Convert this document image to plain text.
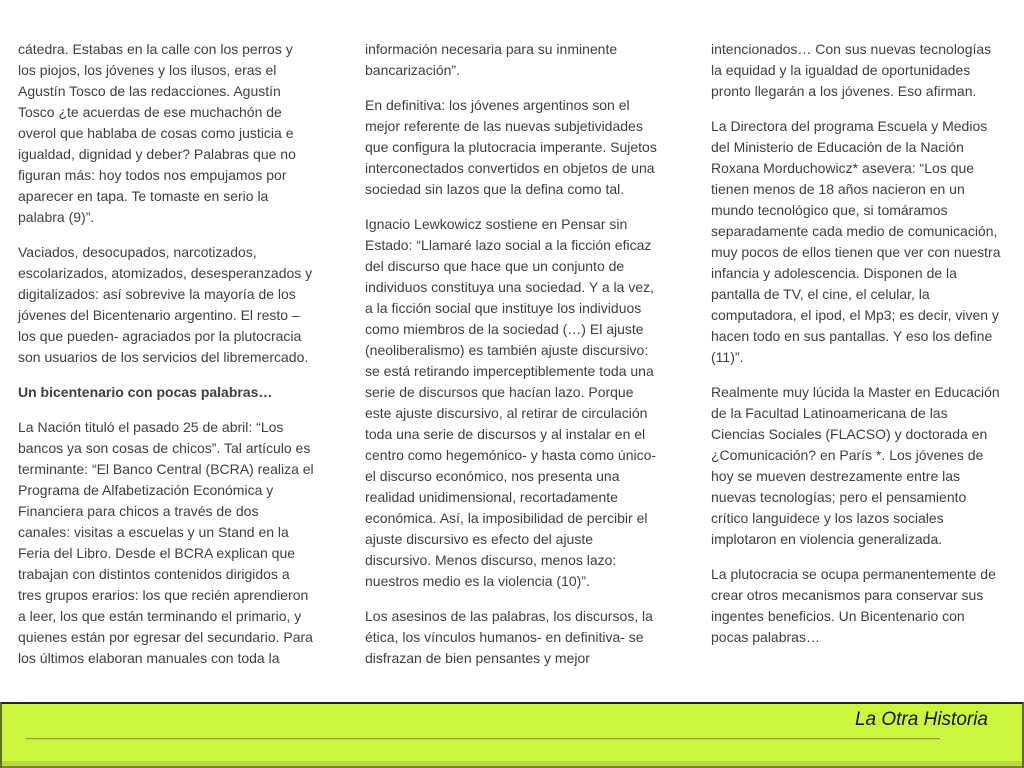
cátedra. Estabas en la calle con los perros y los piojos, los jóvenes y los ilusos, eras el Agustín Tosco de las redacciones. Agustín Tosco ¿te acuerdas de ese muchachón de overol que hablaba de cosas como justicia e igualdad, dignidad y deber? Palabras que no figuran más: hoy todos nos empujamos por aparecer en tapa. Te tomaste en serio la palabra (9)”.

Vaciados, desocupados, narcotizados, escolarizados, atomizados, desesperanzados y digitalizados: así sobrevive la mayoría de los jóvenes del Bicentenario argentino. El resto –los que pueden- agraciados por la plutocracia son usuarios de los servicios del libremercado.

Un bicentenario con pocas palabras…

La Nación tituló el pasado 25 de abril: “Los bancos ya son cosas de chicos”. Tal artículo es terminante: “El Banco Central (BCRA) realiza el Programa de Alfabetización Económica y Financiera para chicos a través de dos canales: visitas a escuelas y un Stand en la Feria del Libro. Desde el BCRA explican que trabajan con distintos contenidos dirigidos a tres grupos erarios: los que recién aprendieron a leer, los que están terminando el primario, y quienes están por egresar del secundario. Para los últimos elaboran manuales con toda la

información necesaria para su inminente bancarización”.

En definitiva: los jóvenes argentinos son el mejor referente de las nuevas subjetividades que configura la plutocracia imperante. Sujetos interconectados convertidos en objetos de una sociedad sin lazos que la defina como tal.

Ignacio Lewkowicz sostiene en Pensar sin Estado: “Llamaré lazo social a la ficción eficaz del discurso que hace que un conjunto de individuos constituya una sociedad. Y a la vez, a la ficción social que instituye los individuos como miembros de la sociedad (…) El ajuste (neoliberalismo) es también ajuste discursivo: se está retirando imperceptiblemente toda una serie de discursos que hacían lazo. Porque este ajuste discursivo, al retirar de circulación toda una serie de discursos y al instalar en el centro como hegemónico- y hasta como único- el discurso económico, nos presenta una realidad unidimensional, recortadamente económica. Así, la imposibilidad de percibir el ajuste discursivo es efecto del ajuste discursivo. Menos discurso, menos lazo: nuestros medio es la violencia (10)”.

Los asesinos de las palabras, los discursos, la ética, los vínculos humanos- en definitiva- se disfrazan de bien pensantes y mejor

intencionados… Con sus nuevas tecnologías la equidad y la igualdad de oportunidades pronto llegarán a los jóvenes. Eso afirman.

La Directora del programa Escuela y Medios del Ministerio de Educación de la Nación Roxana Morduchowicz* asevera: “Los que tienen menos de 18 años nacieron en un mundo tecnológico que, si tomáramos separadamente cada medio de comunicación, muy pocos de ellos tienen que ver con nuestra infancia y adolescencia. Disponen de la pantalla de TV, el cine, el celular, la computadora, el ipod, el Mp3; es decir, viven y hacen todo en sus pantallas. Y eso los define (11)”.

Realmente muy lúcida la Master en Educación de la Facultad Latinoamericana de las Ciencias Sociales (FLACSO) y doctorada en ¿Comunicación? en París *. Los jóvenes de hoy se mueven destrezamente entre las nuevas tecnologías; pero el pensamiento crítico languidece y los lazos sociales implotaron en violencia generalizada.

La plutocracia se ocupa permanentemente de crear otros mecanismos para conservar sus ingentes beneficios. Un Bicentenario con pocas palabras…

La Otra Historia
